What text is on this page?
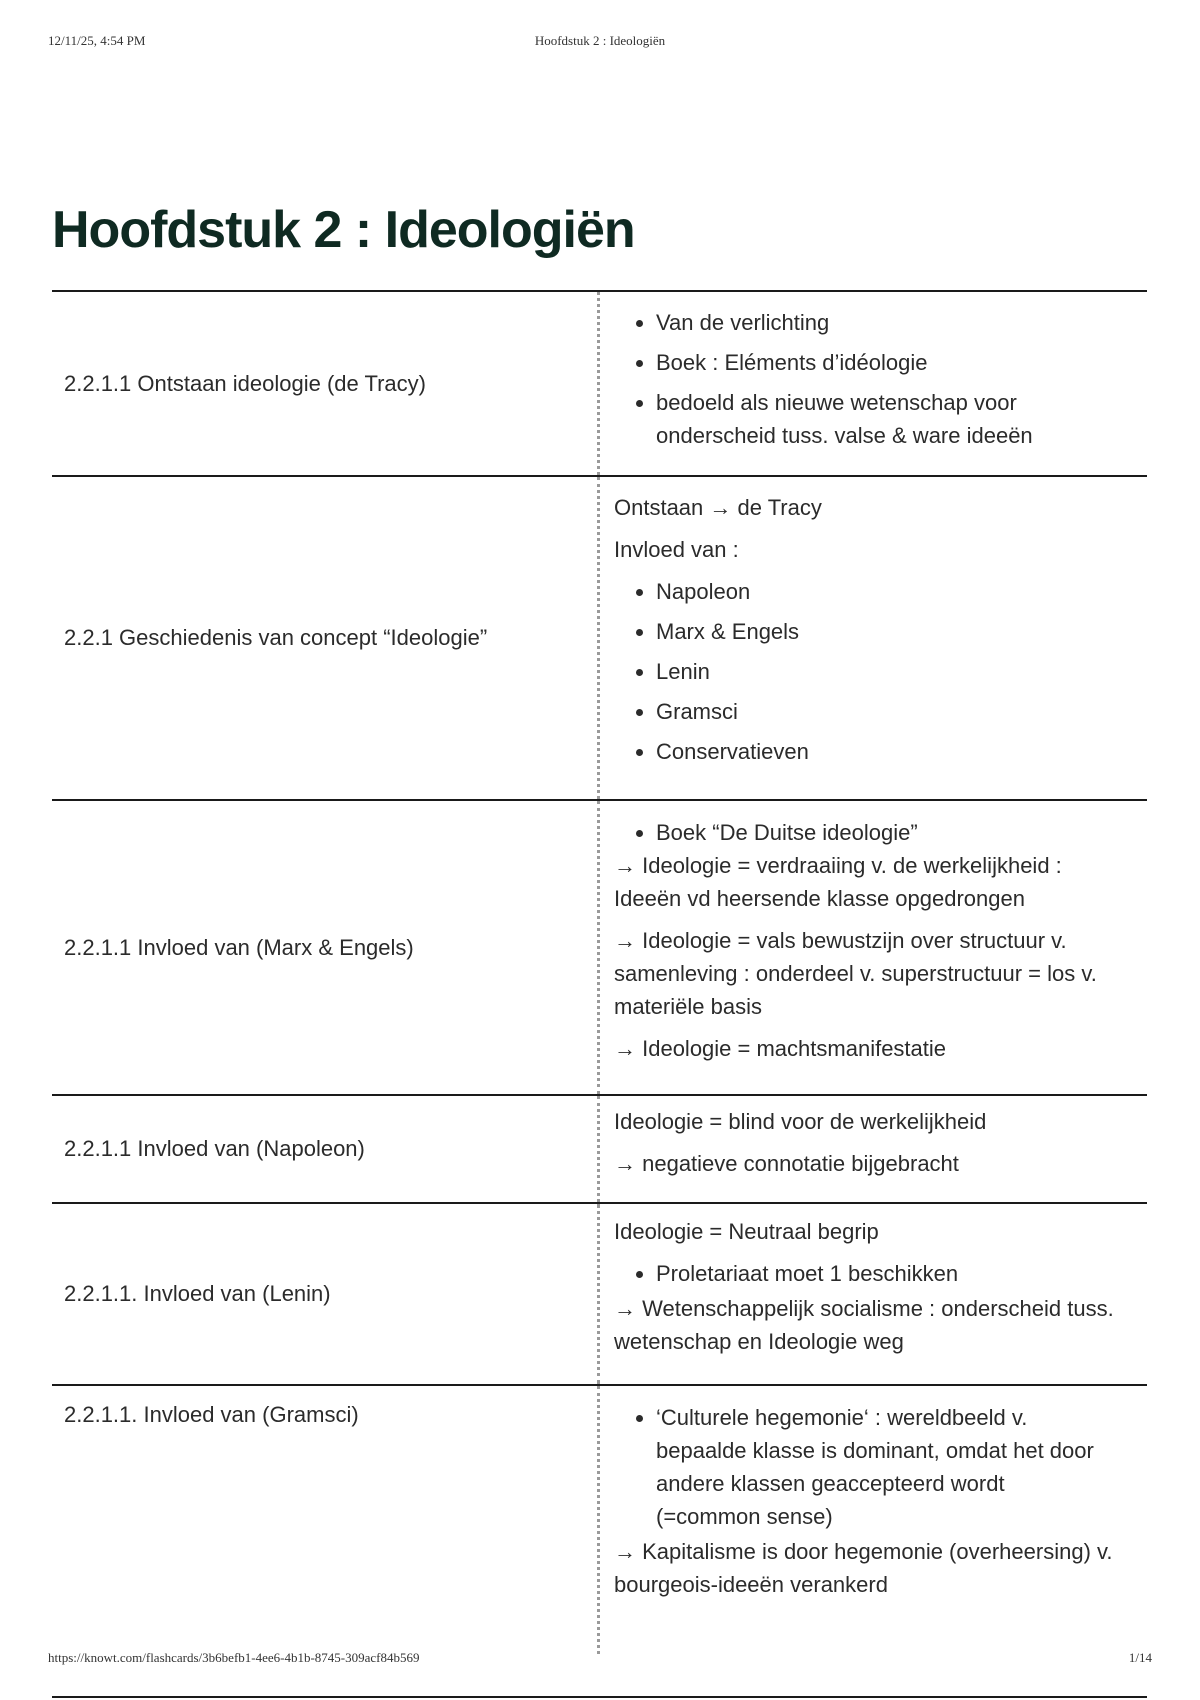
12/11/25, 4:54 PM	Hoofdstuk 2 : Ideologiën
Hoofdstuk 2 : Ideologiën
2.2.1.1 Ontstaan ideologie (de Tracy)
• Van de verlichting
• Boek : Eléments d’idéologie
• bedoeld als nieuwe wetenschap voor onderscheid tuss. valse & ware ideeën
2.2.1 Geschiedenis van concept “Ideologie”

Ontstaan → de Tracy

Invloed van :

• Napoleon
• Marx & Engels
• Lenin
• Gramsci
• Conservatieven
2.2.1.1 Invloed van (Marx & Engels)
• Boek “De Duitse ideologie”

→ Ideologie = verdraaiing v. de werkelijkheid : Ideeën vd heersende klasse opgedrongen

→ Ideologie = vals bewustzijn over structuur v. samenleving : onderdeel v. superstructuur = los v. materiële basis

→ Ideologie = machtsmanifestatie

2.2.1.1 Invloed van (Napoleon)

Ideologie = blind voor de werkelijkheid

→ negatieve connotatie bijgebracht

2.2.1.1. Invloed van (Lenin)

Ideologie = Neutraal begrip

• Proletariaat moet 1 beschikken

→ Wetenschappelijk socialisme : onderscheid tuss. wetenschap en Ideologie weg

2.2.1.1. Invloed van (Gramsci)
•	‘Culturele hegemonie‘ : wereldbeeld v. bepaalde klasse is dominant, omdat het door andere klassen geaccepteerd wordt (=common sense)

→ Kapitalisme is door hegemonie (overheersing) v. bourgeois-ideeën verankerd

https://knowt.com/flashcards/3b6befb1-4ee6-4b1b-8745-309acf84b569	1/14
